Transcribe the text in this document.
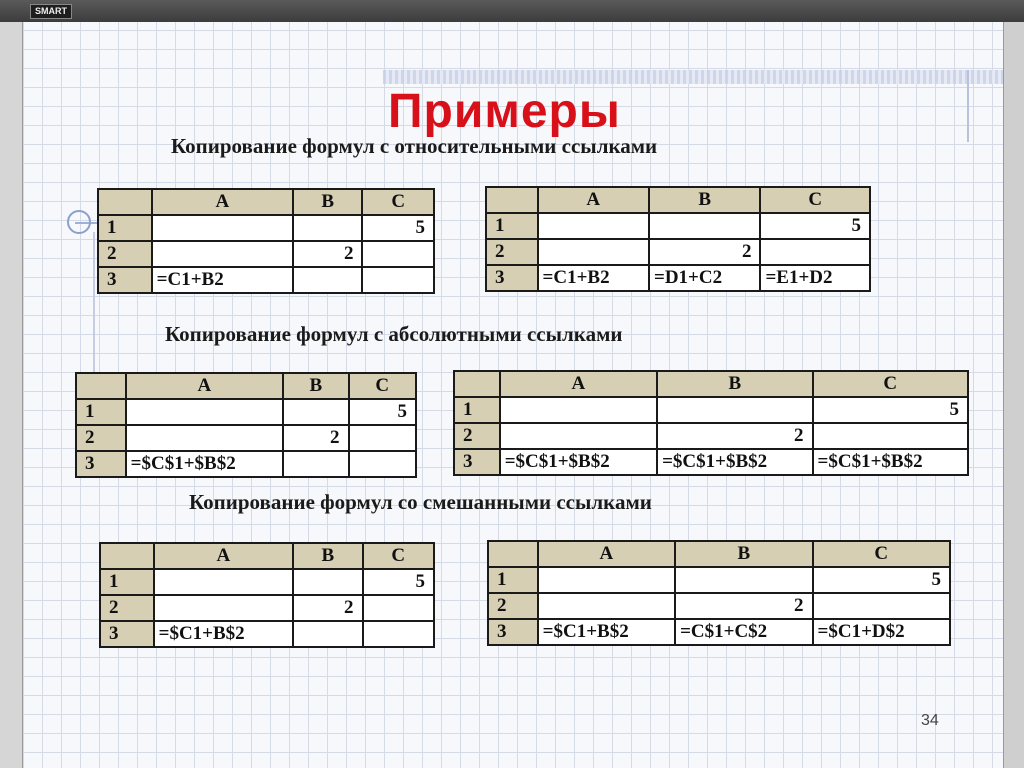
SMART
Примеры
Копирование формул с относительными ссылками
	A	B	C
1			5
2		2	
3	=C1+B2		
	A	B	C
1			5
2		2	
3	=C1+B2	=D1+C2	=E1+D2
Копирование формул с абсолютными ссылками
	A	B	C
1			5
2		2	
3	=$C$1+$B$2		
	A	B	C
1			5
2		2	
3	=$C$1+$B$2	=$C$1+$B$2	=$C$1+$B$2
Копирование формул со смешанными ссылками
	A	B	C
1			5
2		2	
3	=$C1+B$2		
	A	B	C
1			5
2		2	
3	=$C1+B$2	=C$1+C$2	=$C1+D$2
34
